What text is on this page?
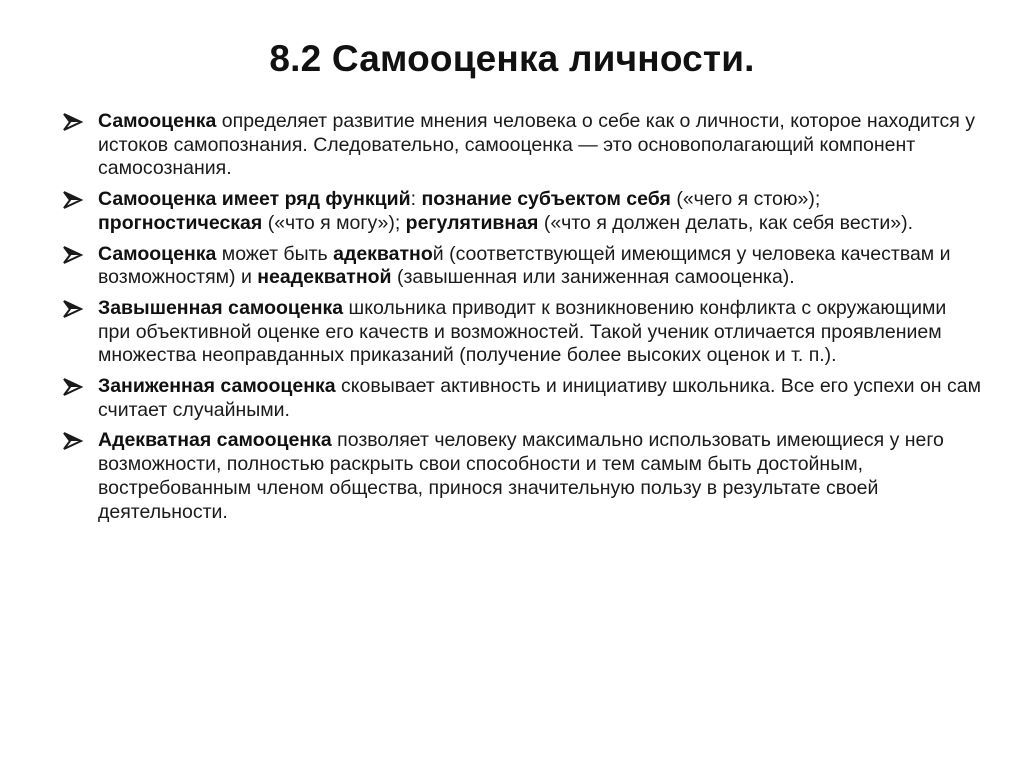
8.2 Самооценка личности.
Самооценка определяет развитие мнения человека о себе как о личности, которое находится у истоков самопознания. Следовательно, самооценка — это основополагающий компонент самосознания.
Самооценка имеет ряд функций: познание субъектом себя («чего я стою»); прогностическая («что я могу»); регулятивная («что я должен делать, как себя вести»).
Самооценка может быть адекватной (соответствующей имеющимся у человека качествам и возможностям) и неадекватной (завышенная или заниженная самооценка).
Завышенная самооценка школьника приводит к возникновению конфликта с окружающими при объективной оценке его качеств и возможностей. Такой ученик отличается проявлением множества неоправданных приказаний (получение более высоких оценок и т. п.).
Заниженная самооценка сковывает активность и инициативу школьника. Все его успехи он сам считает случайными.
Адекватная самооценка позволяет человеку максимально использовать имеющиеся у него возможности, полностью раскрыть свои способности и тем самым быть достойным, востребованным членом общества, принося значительную пользу в результате своей деятельности.
